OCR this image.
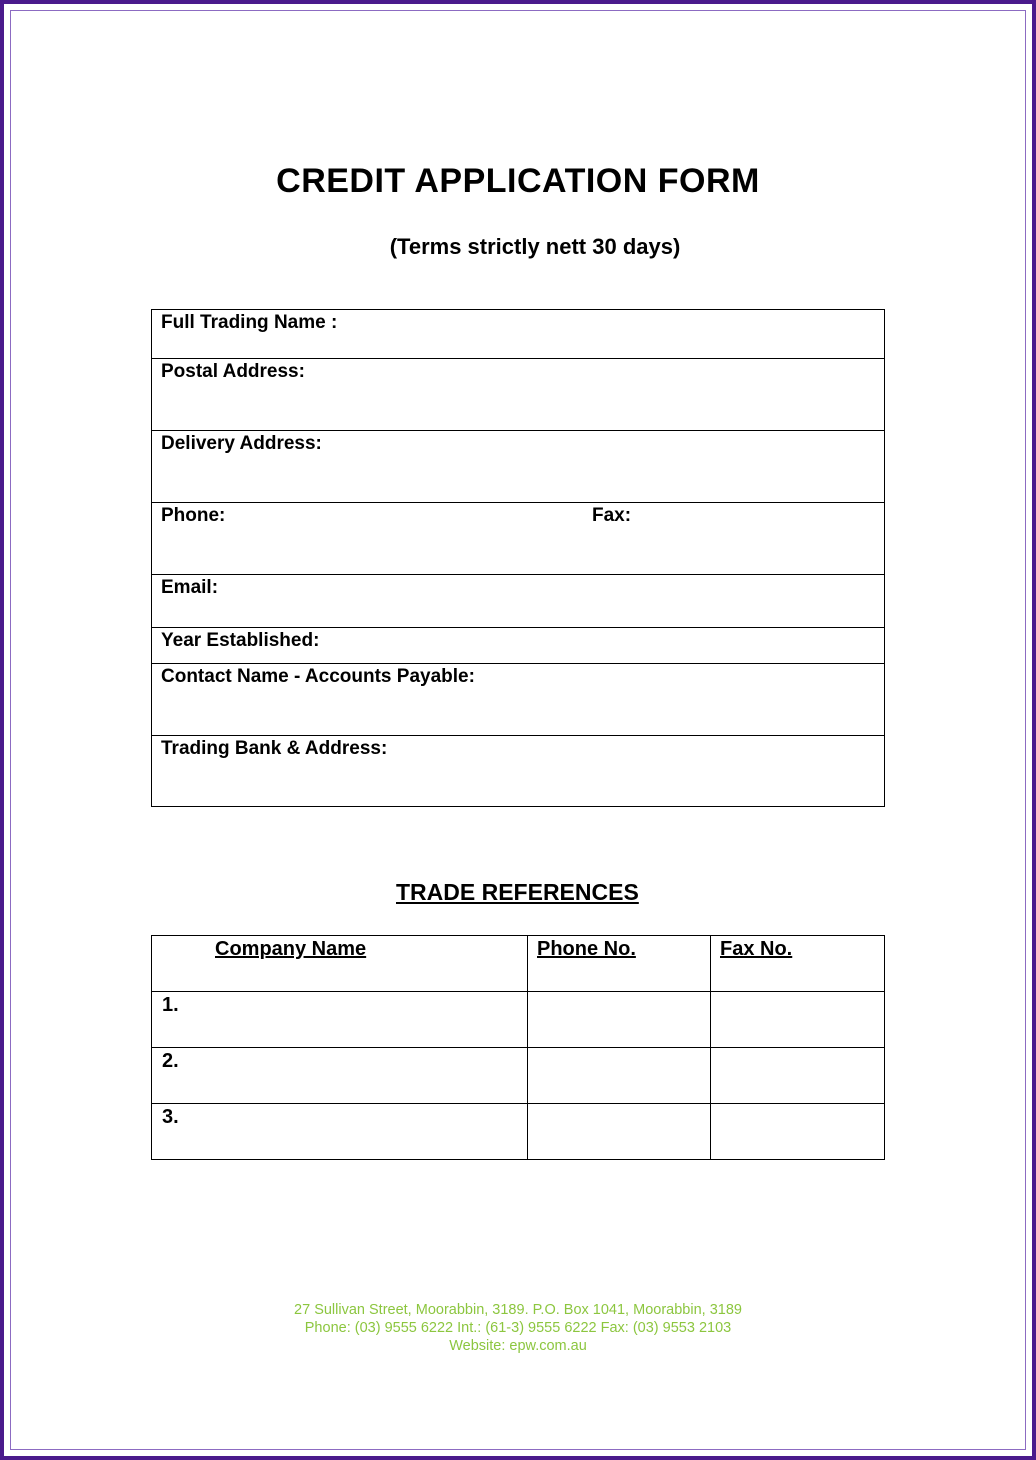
CREDIT APPLICATION FORM
(Terms strictly nett 30 days)
Full Trading Name :
Postal Address:
Delivery Address:
Phone:	Fax:
Email:
Year Established:
Contact Name - Accounts Payable:
Trading Bank & Address:
TRADE REFERENCES
Company Name	Phone No.	Fax No.
1.		
2.		
3.		
27 Sullivan Street, Moorabbin, 3189. P.O. Box 1041, Moorabbin, 3189
Phone: (03) 9555 6222 Int.: (61-3) 9555 6222 Fax: (03) 9553 2103
Website: epw.com.au
